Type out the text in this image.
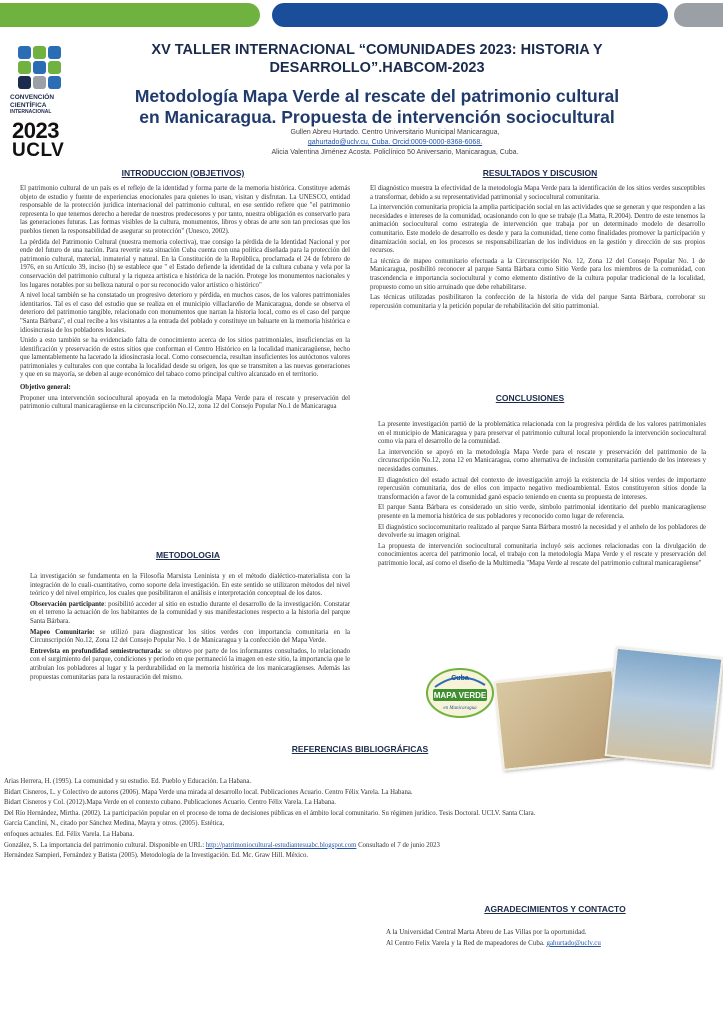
CONVENCIÓN
CIENTÍFICA
INTERNACIONAL
2023
UCLV
XV TALLER INTERNACIONAL “COMUNIDADES 2023: HISTORIA Y
DESARROLLO”.HABCOM-2023
Metodología Mapa Verde al rescate del patrimonio cultural
en Manicaragua. Propuesta de intervención sociocultural
Gullen Abreu Hurtado. Centro Universitario Municipal Manicaragua,
gahurtado@uclv.cu, Cuba. Orcid:0009-0000-8368-6068.
Alicia Valentina Jiménez Acosta. Policlínico 50 Aniversario, Manicaragua, Cuba.
INTRODUCCION (OBJETIVOS)

El patrimonio cultural de un país es el reflejo de la identidad y forma parte de la memoria histórica. Constituye además objeto de estudio y fuente de experiencias enocionales para quienes lo usan, visitan y disfrutan. La UNESCO, entidad responsable de la protección jurídica internacional del patrimonio cultural, en ese sentido refiere que "el patrimonio representa lo que tenemos derecho a heredar de nuestros predecesores y por tanto, nuestra obligación es conservarlo para las generaciones futuras. Las formas visibles de la cultura, monumentos, libros y obras de arte son tan preciosas que los pueblos tienen la responsabilidad de asegurar su protección" (Unesco, 2002).

La pérdida del Patrimonio Cultural (nuestra memoria colectiva), trae consigo la pérdida de la Identidad Nacional y por ende del futuro de una nación. Para revertir esta situación Cuba cuenta con una política diseñada para la protección del patrimonio cultural, material, inmaterial y natural. En la Constitución de la República, proclamada el 24 de febrero de 1976, en su Artículo 39, inciso (h) se establece que " el Estado defiende la identidad de la cultura cubana y vela por la conservación del patrimonio cultural y la riqueza artística e histórica de la nación. Protege los monumentos nacionales y los lugares notables por su belleza natural o por su reconocido valor artístico o histórico"

A nivel local también se ha constatado un progresivo deterioro y pérdida, en muchos casos, de los valores patrimoniales identitarios. Tal es el caso del estudio que se realiza en el municipio villaclareño de Manicaragua, donde se observa el deterioro del patrimonio tangible, relacionado con monumentos que narran la historia local, como es el caso del parque "Santa Bárbara", el cual recibe a los visitantes a la entrada del poblado y constituye un baluarte en la memoria histórica e idiosincrasia de los pobladores locales.

Unido a esto también se ha evidenciado falta de conocimiento acerca de los sitios patrimoniales, insuficiencias en la identificación y preservación de estos sitios que conforman el Centro Histórico en la localidad manicaragüense, hecho que lamentablemente ha lacerado la idiosincrasia local. Como consecuencia, resultan insuficientes los autóctonos valores patrimoniales y culturales con que contaba la localidad desde su origen, los que se transmiten a las nuevas generaciones y que en su mayoría, se deben al auge económico del tabaco como principal cultivo alcanzado en el territorio.

Objetivo general:

Proponer una intervención sociocultural apoyada en la metodología Mapa Verde para el rescate y preservación del patrimonio cultural manicaragüense en la circunscripción No.12, zona 12 del Consejo Popular No.1 de Manicaragua

METODOLOGIA

La investigación se fundamenta en la Filosofía Marxista Leninista y en el método dialéctico-materialista con la integración de lo cuali-cuantitativo, como soporte dela investigación. En este sentido se utilizaron métodos del nivel teórico y del nivel empírico, los cuales que posibilitaron el análisis e interpretación conceptual de los datos.

Observación participante: posibilitó acceder al sitio en estudio durante el desarrollo de la investigación. Constatar en el terreno la actuación de los habitantes de la comunidad y sus manifestaciones respecto a la historia del parque Santa Bárbara.

Mapeo Comunitario: se utilizó para diagnosticar los sitios verdes con importancia comunitaria en la Circunscripción No.12, Zona 12 del Consejo Popular No. 1 de Manicaragua y la confección del Mapa Verde.

Entrevista en profundidad semiestructurada: se obtuvo por parte de los informantes consultados, lo relacionado con el surgimiento del parque, condiciones y período en que permaneció la imagen en este sitio, la importancia que le atribuían los pobladores al lugar y la perdurabilidad en la memoria histórica de los manicaragüenses. Además las propuestas comunitarias para la restauración del mismo.

RESULTADOS Y DISCUSION

El diagnóstico muestra la efectividad de la metodología Mapa Verde para la identificación de los sitios verdes susceptibles a transformar, debido a su representatividad patrimonial y sociocultural comunitaria.

La intervención comunitaria propicia la amplia participación social en las actividades que se generan y que responden a las necesidades e intereses de la comunidad, ocasionando con lo que se trabaje (La Matta, R.2004). Dentro de este tenemos la animación sociocultural como estrategia de intervención que trabaja por un determinado modelo de desarrollo comunitario. Este modelo de desarrollo es desde y para la comunidad, tiene como finalidades promover la participación y dinamización social, en los procesos se responsabilizarían de los individuos en la gestión y dirección de sus propios recursos.

La técnica de mapeo comunitario efectuada a la Circunscripción No. 12, Zona 12 del Consejo Popular No. 1 de Manicaragua, posibilitó reconocer al parque Santa Bárbara como Sitio Verde para los miembros de la comunidad, con trascendencia e importancia sociocultural y como elemento distintivo de la cultura popular tradicional de la localidad, propuesto como un sitio arruinado que debe rehabilitarse.

Las técnicas utilizadas posibilitaron la confección de la historia de vida del parque Santa Bárbara, corroborar su repercusión comunitaria y la petición popular de rehabilitación del sitio patrimonial.

CONCLUSIONES

La presente investigación partió de la problemática relacionada con la progresiva pérdida de los valores patrimoniales en el municipio de Manicaragua y para preservar el patrimonio cultural local proponiendo la intervención sociocultural como vía para el desarrollo de la comunidad.

La intervención se apoyó en la metodología Mapa Verde para el rescate y preservación del patrimonio de la circunscripción No.12, zona 12 en Manicaragua, como alternativa de inclusión comunitaria partiendo de los intereses y necesidades comunes.

El diagnóstico del estado actual del contexto de investigación arrojó la existencia de 14 sitios verdes de importante repercusión comunitaria, dos de ellos con impacto negativo medioambiental. Estos constituyeron sitios donde la transformación a favor de la comunidad ganó espacio teniendo en cuenta su propuesta de intereses.

El parque Santa Bárbara es considerado un sitio verde, símbolo patrimonial identitario del pueblo manicaragüense presente en la memoria histórica de sus pobladores y reconocido como lugar de referencia.

El diagnóstico sociocomunitario realizado al parque Santa Bárbara mostró la necesidad y el anhelo de los pobladores de devolverle su imagen original.

La propuesta de intervención sociocultural comunitaria incluyó seis acciones relacionadas con la divulgación de conocimientos acerca del patrimonio local, el trabajo con la metodología Mapa Verde y el rescate y preservación del patrimonio local, así como el diseño de la Multimedia "Mapa Verde al rescate del patrimonio cultural manicaragüense"

Cuba
MAPA VERDE
en Manicaragua
REFERENCIAS BIBLIOGRÁFICAS
Arias Herrera, H. (1995). La comunidad y su estudio. Ed. Pueblo y Educación. La Habana.
Bidart Cisneros, L. y Colectivo de autores (2006). Mapa Verde una mirada al desarrollo local. Publicaciones Acuario. Centro Félix Varela. La Habana.
Bidart Cisneros y Col. (2012).Mapa Verde en el contexto cubano. Publicaciones Acuario. Centro Félix Varela. La Habana.
Del Río Hernández, Mirtha. (2002). La participación popular en el proceso de toma de decisiones públicas en el ámbito local comunitario. Su régimen jurídico. Tesis Doctoral. UCLV. Santa Clara.
García Canclini, N., citado por Sánchez Medina, Mayra y otros. (2005). Estética,
enfoques actuales. Ed. Félix Varela. La Habana.
González, S. La importancia del patrimonio cultural. Disponible en URL: http://patrimoniocultural-estudiantesuabc.blogspot.com Consultado el 7 de junio 2023
Hernández Sampieri, Fernández y Batista (2005). Metodología de la Investigación. Ed. Mc. Graw Hill. México.
AGRADECIMIENTOS Y CONTACTO
A la Universidad Central Marta Abreu de Las Villas por la oportunidad.
Al Centro Felix Varela y la Red de mapeadores de Cuba. gahurtado@uclv.cu
